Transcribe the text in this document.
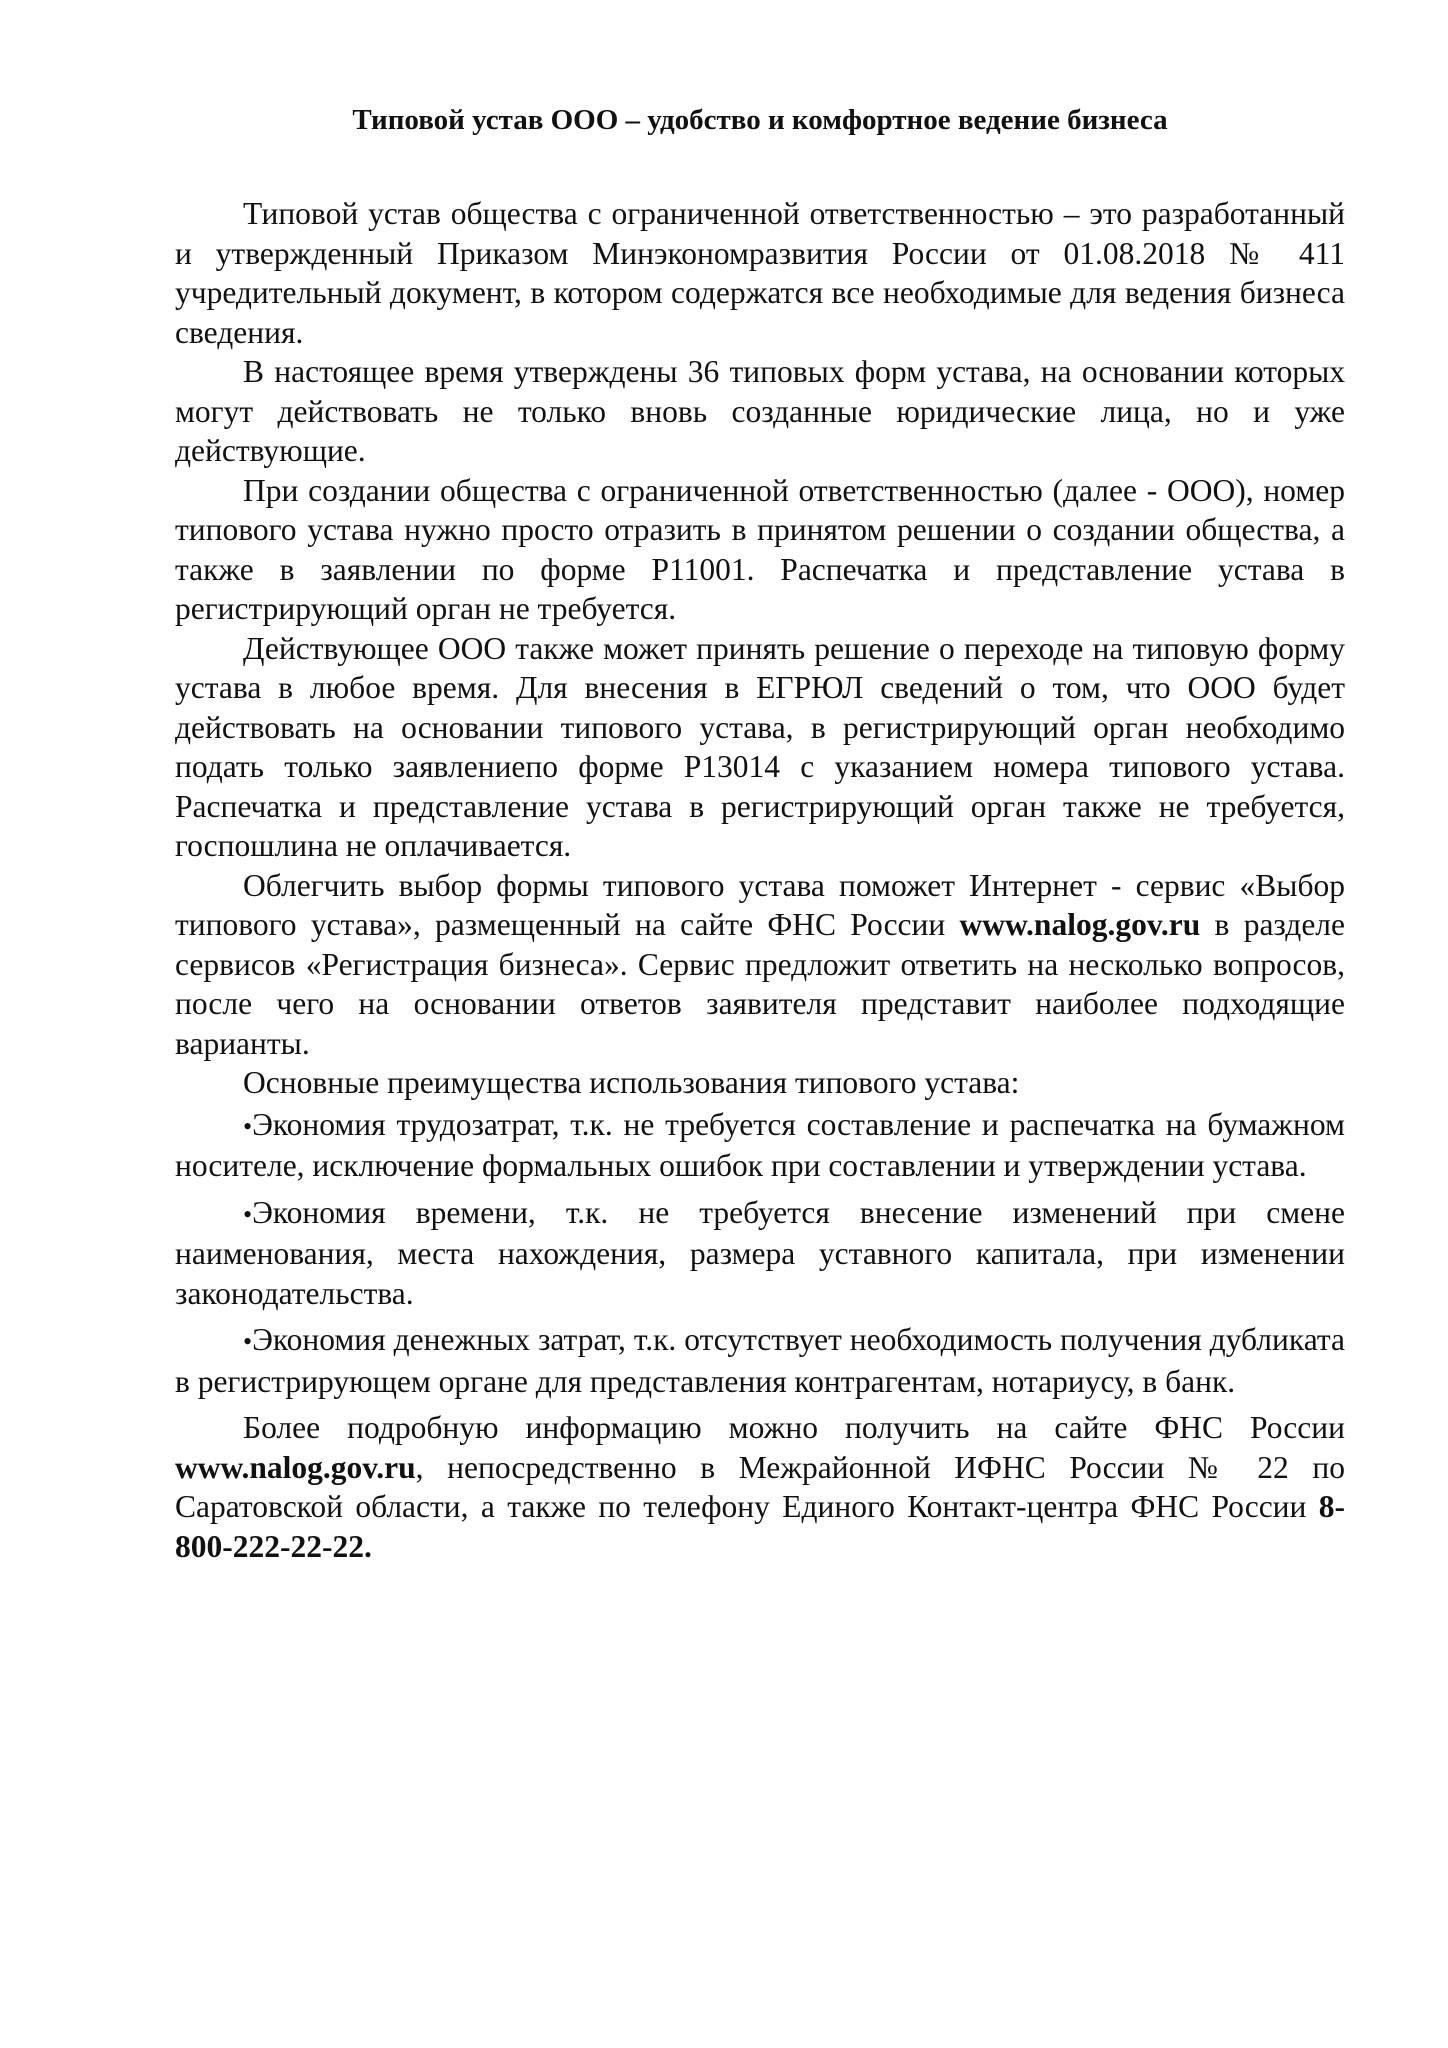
Типовой устав ООО – удобство и комфортное ведение бизнеса

Типовой устав общества с ограниченной ответственностью – это разработанный и утвержденный Приказом Минэкономразвития России от 01.08.2018 № 411 учредительный документ, в котором содержатся все необходимые для ведения бизнеса сведения.

В настоящее время утверждены 36 типовых форм устава, на основании которых могут действовать не только вновь созданные юридические лица, но и уже действующие.

При создании общества с ограниченной ответственностью (далее - ООО), номер типового устава нужно просто отразить в принятом решении о создании общества, а также в заявлении по форме Р11001. Распечатка и представление устава в регистрирующий орган не требуется.

Действующее ООО также может принять решение о переходе на типовую форму устава в любое время. Для внесения в ЕГРЮЛ сведений о том, что ООО будет действовать на основании типового устава, в регистрирующий орган необходимо подать только заявлениепо форме Р13014 с указанием номера типового устава. Распечатка и представление устава в регистрирующий орган также не требуется, госпошлина не оплачивается.

Облегчить выбор формы типового устава поможет Интернет - сервис «Выбор типового устава», размещенный на сайте ФНС России www.nalog.gov.ru в разделе сервисов «Регистрация бизнеса». Сервис предложит ответить на несколько вопросов, после чего на основании ответов заявителя представит наиболее подходящие варианты.

Основные преимущества использования типового устава:

•Экономия трудозатрат, т.к. не требуется составление и распечатка на бумажном носителе, исключение формальных ошибок при составлении и утверждении устава.

•Экономия времени, т.к. не требуется внесение изменений при смене наименования, места нахождения, размера уставного капитала, при изменении законодательства.

•Экономия денежных затрат, т.к. отсутствует необходимость получения дубликата в регистрирующем органе для представления контрагентам, нотариусу, в банк.

Более подробную информацию можно получить на сайте ФНС России www.nalog.gov.ru, непосредственно в Межрайонной ИФНС России № 22 по Саратовской области, а также по телефону Единого Контакт-центра ФНС России 8-800-222-22-22.
